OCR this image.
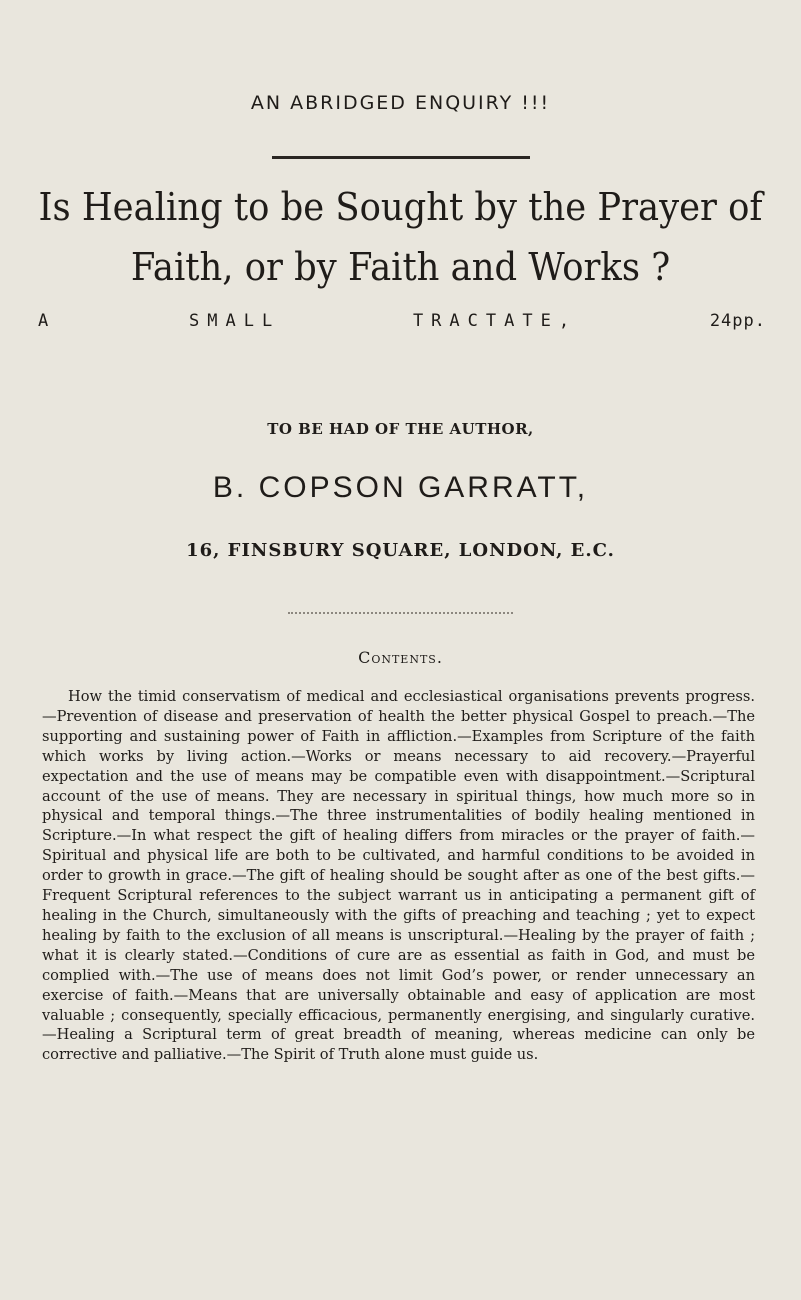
AN ABRIDGED ENQUIRY !!!
Is Healing to be Sought by the Prayer of
Faith, or by Faith and Works ?
A	SMALL	TRACTATE,	24pp.
TO BE HAD OF THE AUTHOR,
B. COPSON GARRATT,
16, FINSBURY SQUARE, LONDON, E.C.
Contents.

How the timid conservatism of medical and ecclesiastical organisations prevents progress.—Prevention of disease and preservation of health the better physical Gospel to preach.—The supporting and sustaining power of Faith in affliction.—Examples from Scripture of the faith which works by living action.—Works or means necessary to aid recovery.—Prayerful expectation and the use of means may be compatible even with disappointment.—Scriptural account of the use of means. They are necessary in spiritual things, how much more so in physical and temporal things.—The three instrumentalities of bodily healing mentioned in Scripture.—In what respect the gift of healing differs from miracles or the prayer of faith.—Spiritual and physical life are both to be cultivated, and harmful conditions to be avoided in order to growth in grace.—The gift of healing should be sought after as one of the best gifts.—Frequent Scriptural references to the subject warrant us in anticipating a permanent gift of healing in the Church, simultaneously with the gifts of preaching and teaching ; yet to expect healing by faith to the exclusion of all means is unscriptural.—Healing by the prayer of faith ; what it is clearly stated.—Conditions of cure are as essential as faith in God, and must be complied with.—The use of means does not limit God’s power, or render unnecessary an exercise of faith.—Means that are universally obtainable and easy of application are most valuable ; consequently, specially efficacious, permanently energising, and singularly curative.—Healing a Scriptural term of great breadth of meaning, whereas medicine can only be corrective and palliative.—The Spirit of Truth alone must guide us.
